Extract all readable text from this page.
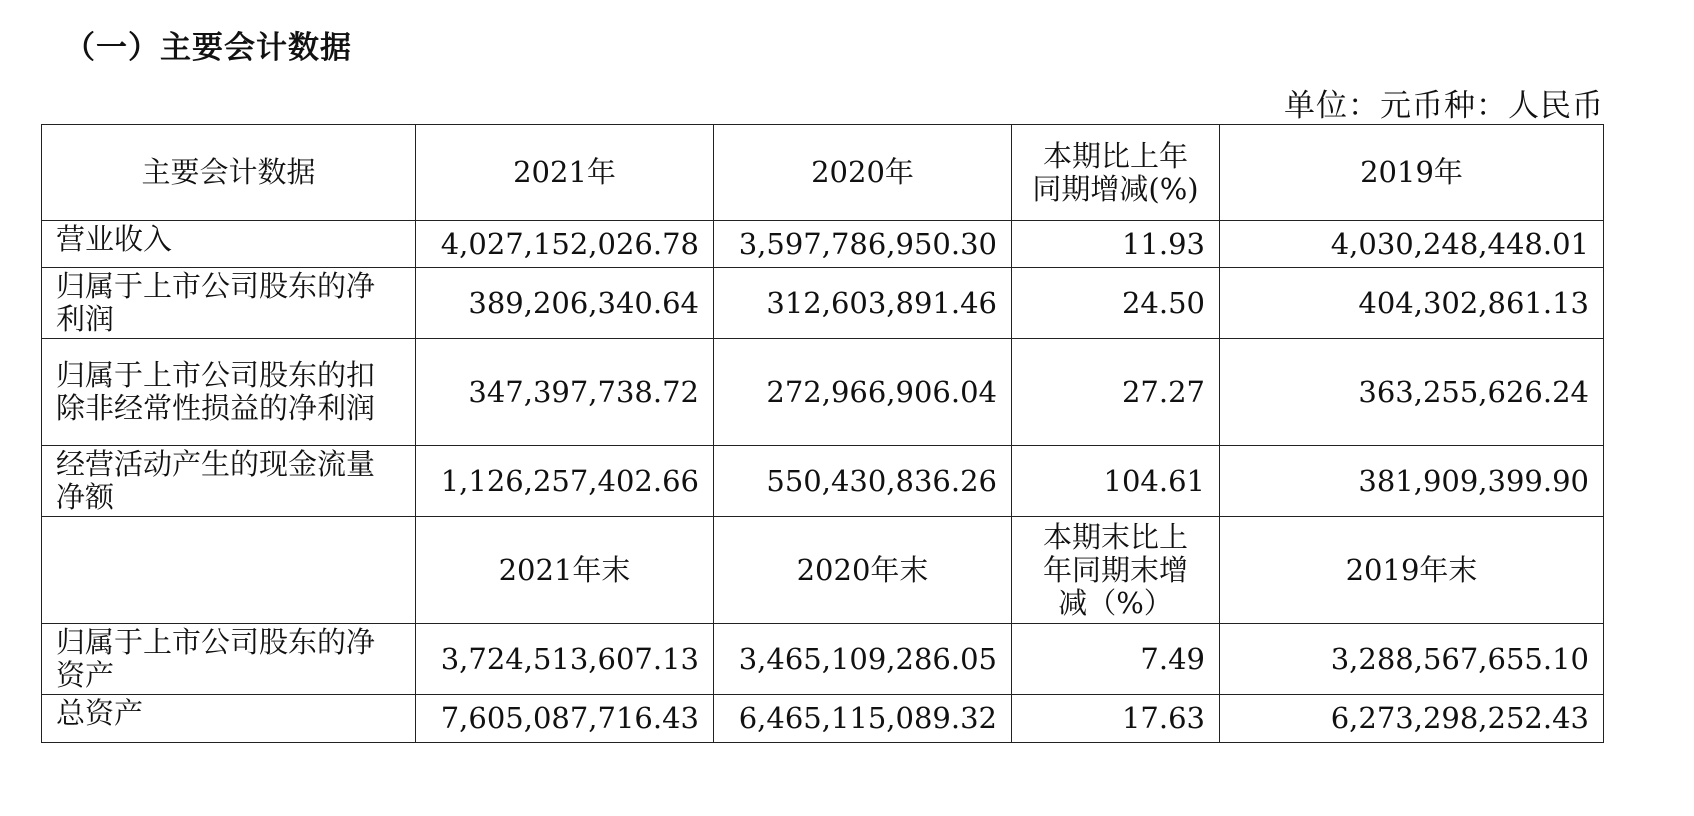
（一）主要会计数据
单位：元币种：人民币
主要会计数据	2021年	2020年	本期比上年同期增减(%)	2019年
营业收入	4,027,152,026.78	3,597,786,950.30	11.93	4,030,248,448.01
归属于上市公司股东的净利润	389,206,340.64	312,603,891.46	24.50	404,302,861.13
归属于上市公司股东的扣除非经常性损益的净利润	347,397,738.72	272,966,906.04	27.27	363,255,626.24
经营活动产生的现金流量净额	1,126,257,402.66	550,430,836.26	104.61	381,909,399.90
	2021年末	2020年末	本期末比上年同期末增减（%）	2019年末
归属于上市公司股东的净资产	3,724,513,607.13	3,465,109,286.05	7.49	3,288,567,655.10
总资产	7,605,087,716.43	6,465,115,089.32	17.63	6,273,298,252.43
